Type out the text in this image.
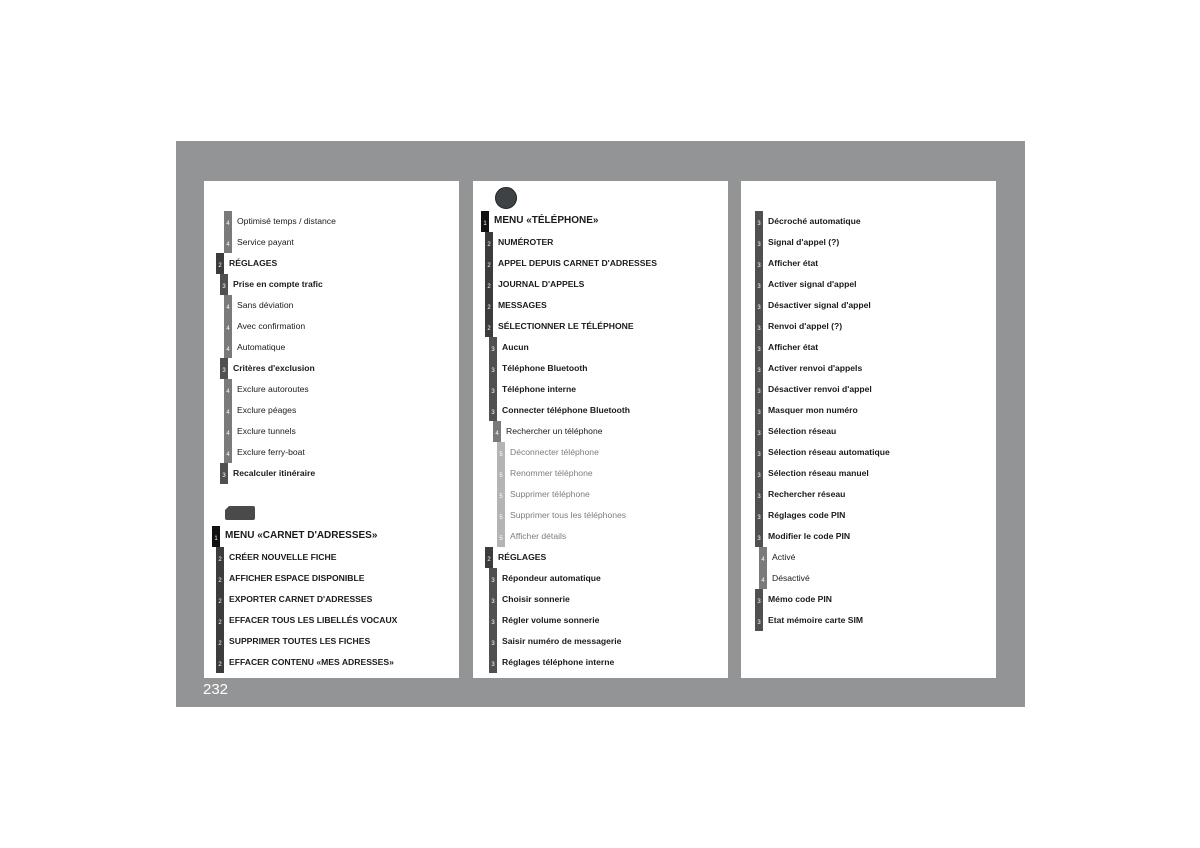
4 Optimisé temps / distance
4 Service payant
2 RÉGLAGES
3 Prise en compte trafic
4 Sans déviation
4 Avec confirmation
4 Automatique
3 Critères d'exclusion
4 Exclure autoroutes
4 Exclure péages
4 Exclure tunnels
4 Exclure ferry-boat
3 Recalculer itinéraire
1 MENU «CARNET D'ADRESSES»
2 CRÉER NOUVELLE FICHE
2 AFFICHER ESPACE DISPONIBLE
2 EXPORTER CARNET D'ADRESSES
2 EFFACER TOUS LES LIBELLÉS VOCAUX
2 SUPPRIMER TOUTES LES FICHES
2 EFFACER CONTENU «MES ADRESSES»
1 MENU «TÉLÉPHONE»
2 NUMÉROTER
2 APPEL DEPUIS CARNET D'ADRESSES
2 JOURNAL D'APPELS
2 MESSAGES
2 SÉLECTIONNER LE TÉLÉPHONE
3 Aucun
3 Téléphone Bluetooth
3 Téléphone interne
3 Connecter téléphone Bluetooth
4 Rechercher un téléphone
5 Déconnecter téléphone
5 Renommer téléphone
5 Supprimer téléphone
5 Supprimer tous les téléphones
5 Afficher détails
2 RÉGLAGES
3 Répondeur automatique
3 Choisir sonnerie
3 Régler volume sonnerie
3 Saisir numéro de messagerie
3 Réglages téléphone interne
3 Décroché automatique
3 Signal d'appel (?)
3 Afficher état
3 Activer signal d'appel
3 Désactiver signal d'appel
3 Renvoi d'appel (?)
3 Afficher état
3 Activer renvoi d'appels
3 Désactiver renvoi d'appel
3 Masquer mon numéro
3 Sélection réseau
3 Sélection réseau automatique
3 Sélection réseau manuel
3 Rechercher réseau
3 Réglages code PIN
3 Modifier le code PIN
4 Activé
4 Désactivé
3 Mémo code PIN
3 Etat mémoire carte SIM
232
